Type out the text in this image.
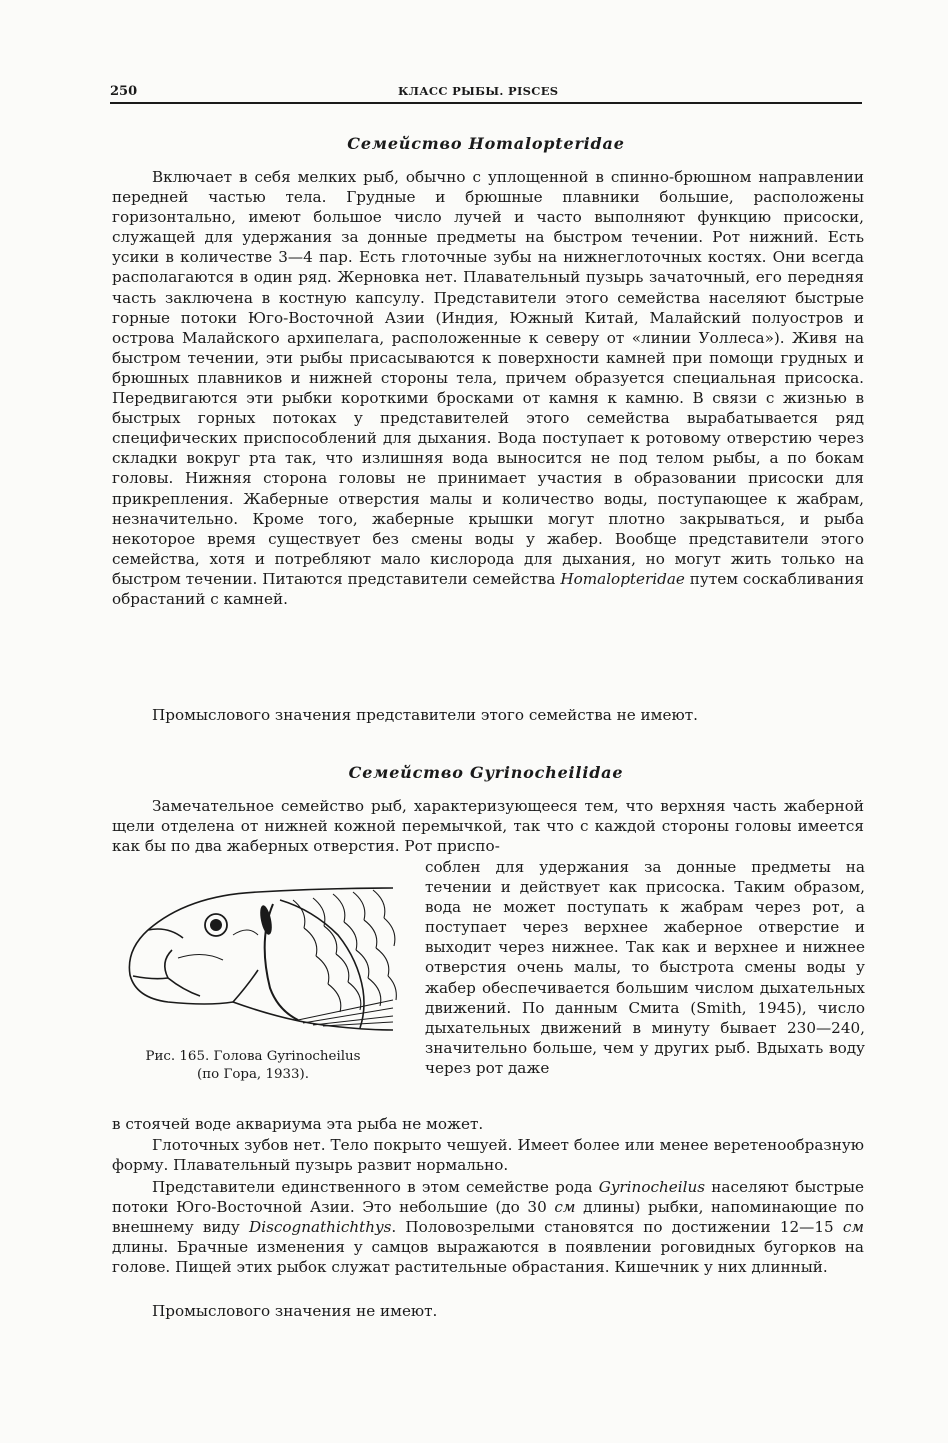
250	КЛАСС РЫБЫ. PISCES
Семейство Homalopteridae

Включает в себя мелких рыб, обычно с уплощенной в спинно-брюшном направлении передней частью тела. Грудные и брюшные плавники большие, расположены горизонтально, имеют большое число лучей и часто выполняют функцию присоски, служащей для удержания за донные предметы на быстром течении. Рот нижний. Есть усики в количестве 3—4 пар. Есть глоточные зубы на нижнеглоточных костях. Они всегда располагаются в один ряд. Жерновка нет. Плавательный пузырь зачаточный, его передняя часть заключена в костную капсулу. Представители этого семейства населяют быстрые горные потоки Юго-Восточной Азии (Индия, Южный Китай, Малайский полуостров и острова Малайского архипелага, расположенные к северу от «линии Уоллеса»). Живя на быстром течении, эти рыбы присасываются к поверхности камней при помощи грудных и брюшных плавников и нижней стороны тела, причем образуется специальная присоска. Передвигаются эти рыбки короткими бросками от камня к камню. В связи с жизнью в быстрых горных потоках у представителей этого семейства вырабатывается ряд специфических приспособлений для дыхания. Вода поступает к ротовому отверстию через складки вокруг рта так, что излишняя вода выносится не под телом рыбы, а по бокам головы. Нижняя сторона головы не принимает участия в образовании присоски для прикрепления. Жаберные отверстия малы и количество воды, поступающее к жабрам, незначительно. Кроме того, жаберные крышки могут плотно закрываться, и рыба некоторое время существует без смены воды у жабер. Вообще представители этого семейства, хотя и потребляют мало кислорода для дыхания, но могут жить только на быстром течении. Питаются представители семейства Homalopteridae путем соскабливания обрастаний с камней.

Промыслового значения представители этого семейства не имеют.

Семейство Gyrinocheilidae

Замечательное семейство рыб, характеризующееся тем, что верхняя часть жаберной щели отделена от нижней кожной перемычкой, так что с каждой стороны головы имеется как бы по два жаберных отверстия. Рот приспо-

соблен для удержания за донные предметы на течении и действует как присоска. Таким образом, вода не может поступать к жабрам через рот, а поступает через верхнее жаберное отверстие и выходит через нижнее. Так как и верхнее и нижнее отверстия очень малы, то быстрота смены воды у жабер обеспечивается большим числом дыхательных движений. По данным Смита (Smith, 1945), число дыхательных движений в минуту бывает 230—240, значительно больше, чем у других рыб. Вдыхать воду через рот даже

Рис. 165. Голова Gyrinocheilus
(по Гора, 1933).

в стоячей воде аквариума эта рыба не может.

Глоточных зубов нет. Тело покрыто чешуей. Имеет более или менее веретенообразную форму. Плавательный пузырь развит нормально.

Представители единственного в этом семействе рода Gyrinocheilus населяют быстрые потоки Юго-Восточной Азии. Это небольшие (до 30 см длины) рыбки, напоминающие по внешнему виду Discognathichthys. Половозрелыми становятся по достижении 12—15 см длины. Брачные изменения у самцов выражаются в появлении роговидных бугорков на голове. Пищей этих рыбок служат растительные обрастания. Кишечник у них длинный.

Промыслового значения не имеют.
